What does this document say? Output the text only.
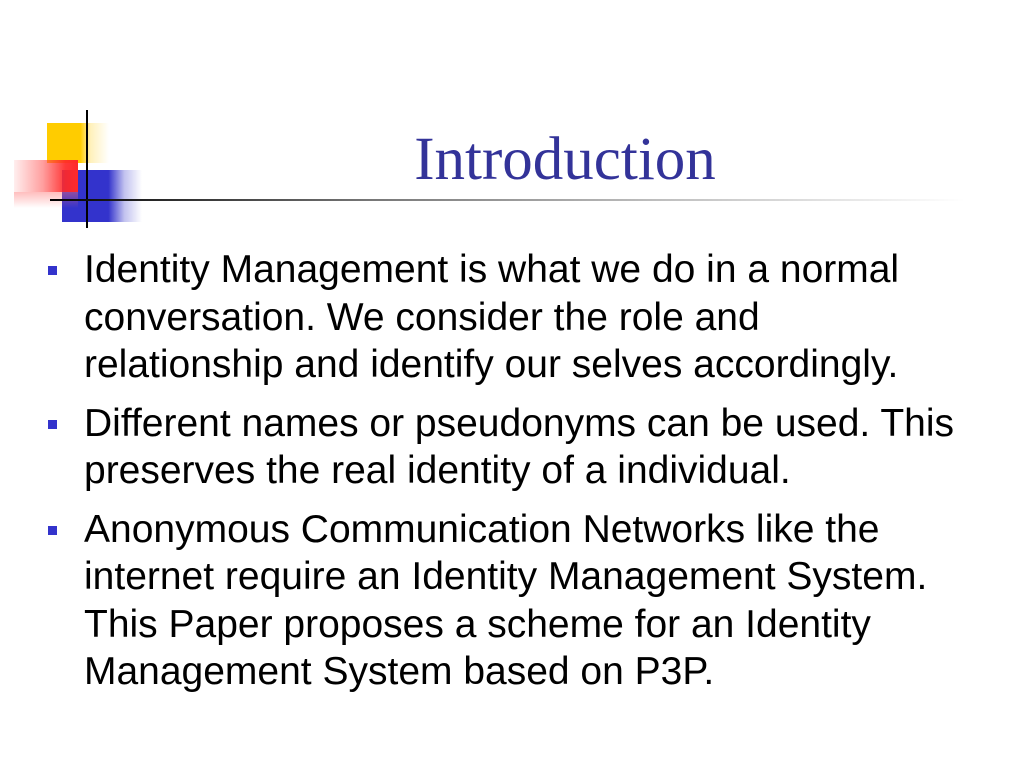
Introduction
Identity Management is what we do in a normal
conversation. We consider the role and
relationship and identify our selves accordingly.
Different names or pseudonyms can be used. This
preserves the real identity of a individual.
Anonymous Communication Networks like the
internet require an Identity Management System.
This Paper proposes a scheme for an Identity
Management System based on P3P.
